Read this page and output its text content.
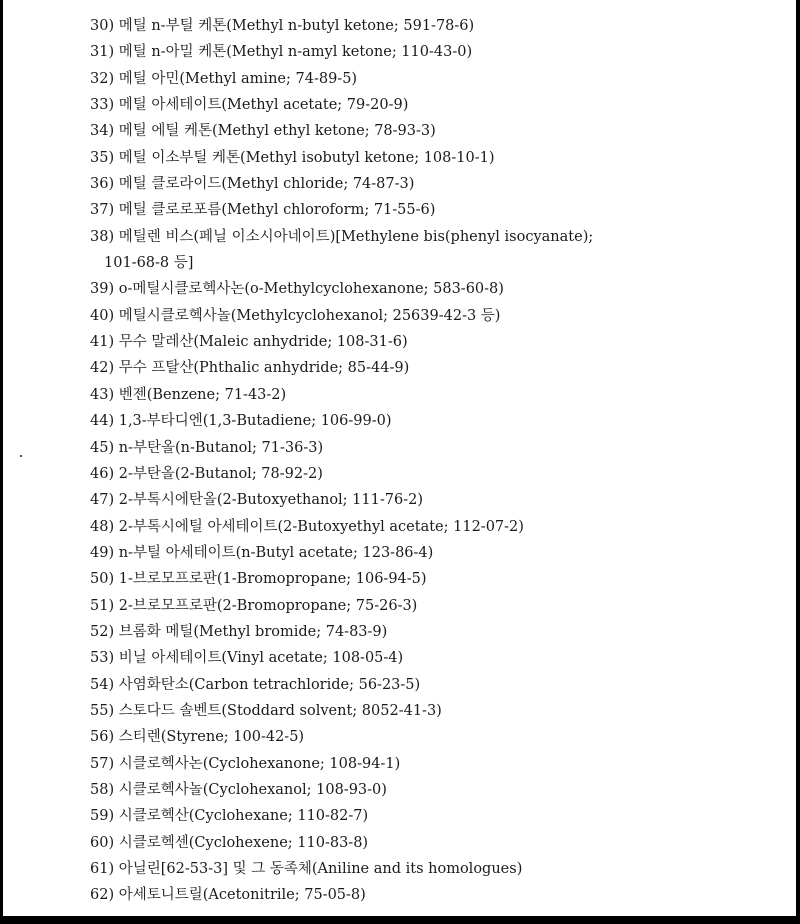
30) 메틸 n-부틸 케톤(Methyl n-butyl ketone; 591-78-6)
31) 메틸 n-아밀 케톤(Methyl n-amyl ketone; 110-43-0)
32) 메틸 아민(Methyl amine; 74-89-5)
33) 메틸 아세테이트(Methyl acetate; 79-20-9)
34) 메틸 에틸 케톤(Methyl ethyl ketone; 78-93-3)
35) 메틸 이소부틸 케톤(Methyl isobutyl ketone; 108-10-1)
36) 메틸 클로라이드(Methyl chloride; 74-87-3)
37) 메틸 클로로포름(Methyl chloroform; 71-55-6)
38) 메틸렌 비스(페닐 이소시아네이트)[Methylene bis(phenyl isocyanate);
101-68-8 등]
39) o-메틸시클로헥사논(o-Methylcyclohexanone; 583-60-8)
40) 메틸시클로헥사놀(Methylcyclohexanol; 25639-42-3 등)
41) 무수 말레산(Maleic anhydride; 108-31-6)
42) 무수 프탈산(Phthalic anhydride; 85-44-9)
43) 벤젠(Benzene; 71-43-2)
44) 1,3-부타디엔(1,3-Butadiene; 106-99-0)
45) n-부탄올(n-Butanol; 71-36-3)
46) 2-부탄올(2-Butanol; 78-92-2)
47) 2-부톡시에탄올(2-Butoxyethanol; 111-76-2)
48) 2-부톡시에틸 아세테이트(2-Butoxyethyl acetate; 112-07-2)
49) n-부틸 아세테이트(n-Butyl acetate; 123-86-4)
50) 1-브로모프로판(1-Bromopropane; 106-94-5)
51) 2-브로모프로판(2-Bromopropane; 75-26-3)
52) 브롬화 메틸(Methyl bromide; 74-83-9)
53) 비닐 아세테이트(Vinyl acetate; 108-05-4)
54) 사염화탄소(Carbon tetrachloride; 56-23-5)
55) 스토다드 솔벤트(Stoddard solvent; 8052-41-3)
56) 스티렌(Styrene; 100-42-5)
57) 시클로헥사논(Cyclohexanone; 108-94-1)
58) 시클로헥사놀(Cyclohexanol; 108-93-0)
59) 시클로헥산(Cyclohexane; 110-82-7)
60) 시클로헥센(Cyclohexene; 110-83-8)
61) 아닐린[62-53-3] 및 그 동족체(Aniline and its homologues)
62) 아세토니트릴(Acetonitrile; 75-05-8)
